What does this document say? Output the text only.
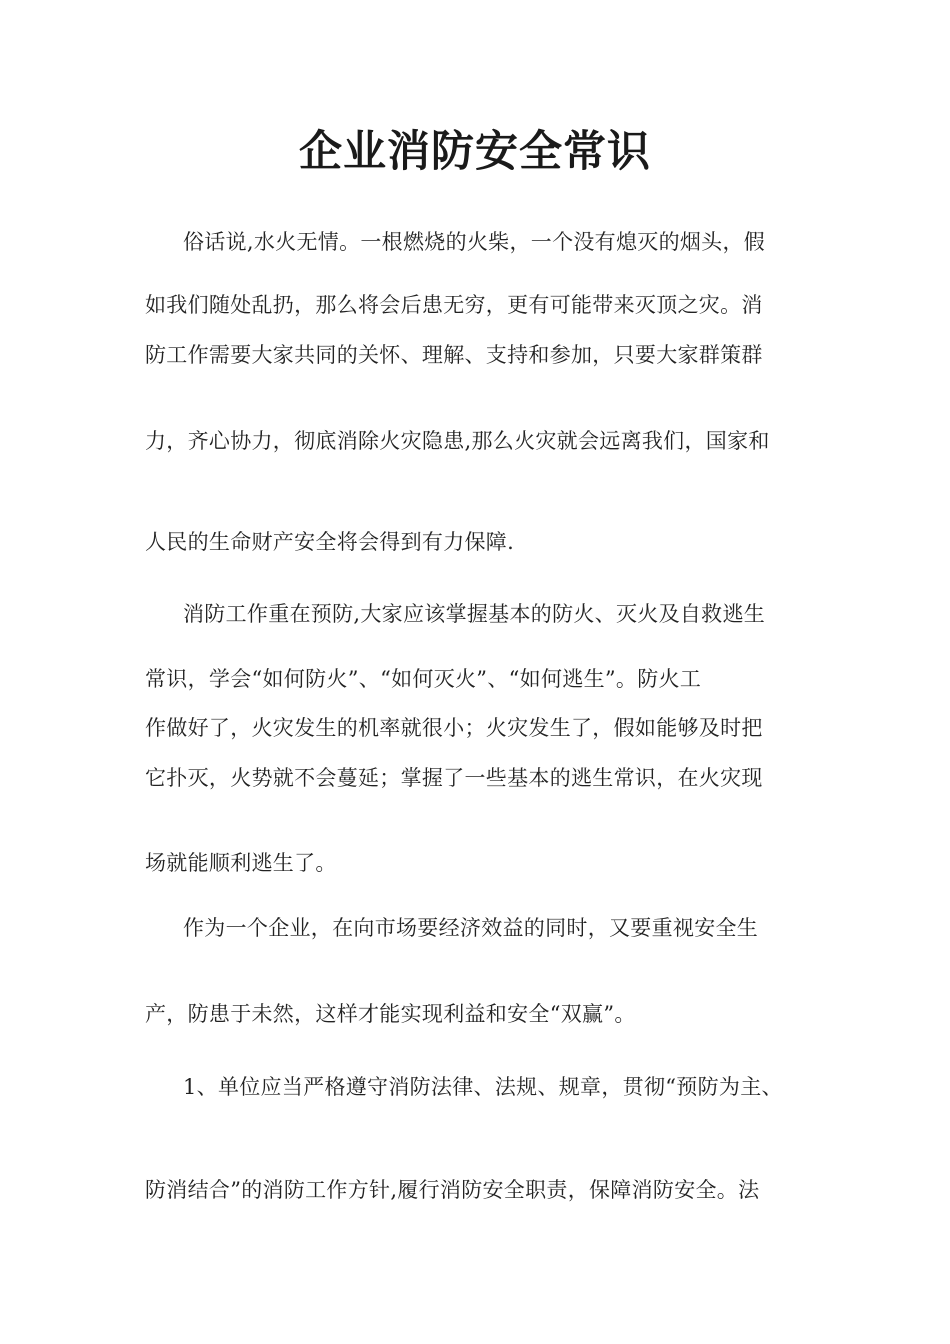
企业消防安全常识
俗话说,水火无情。一根燃烧的火柴，一个没有熄灭的烟头，假
如我们随处乱扔，那么将会后患无穷，更有可能带来灭顶之灾。消
防工作需要大家共同的关怀、理解、支持和参加，只要大家群策群
力，齐心协力，彻底消除火灾隐患,那么火灾就会远离我们，国家和
人民的生命财产安全将会得到有力保障.
消防工作重在预防,大家应该掌握基本的防火、灭火及自救逃生
常识，学会“如何防火”、“如何灭火”、“如何逃生”。防火工
作做好了，火灾发生的机率就很小；火灾发生了，假如能够及时把
它扑灭，火势就不会蔓延；掌握了一些基本的逃生常识，在火灾现
场就能顺利逃生了。
作为一个企业，在向市场要经济效益的同时，又要重视安全生
产，防患于未然，这样才能实现利益和安全“双赢”。
1、单位应当严格遵守消防法律、法规、规章，贯彻“预防为主、
防消结合”的消防工作方针,履行消防安全职责，保障消防安全。法
